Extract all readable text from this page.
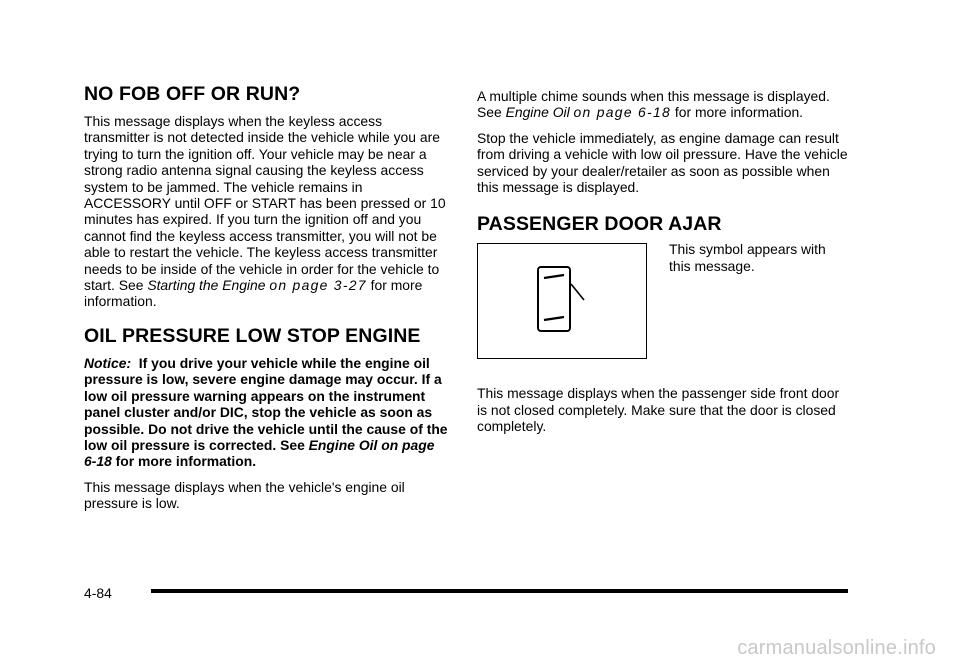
NO FOB OFF OR RUN?

This message displays when the keyless access transmitter is not detected inside the vehicle while you are trying to turn the ignition off. Your vehicle may be near a strong radio antenna signal causing the keyless access system to be jammed. The vehicle remains in ACCESSORY until OFF or START has been pressed or 10 minutes has expired. If you turn the ignition off and you cannot find the keyless access transmitter, you will not be able to restart the vehicle. The keyless access transmitter needs to be inside of the vehicle in order for the vehicle to start. See Starting the Engine on page 3-27 for more information.

OIL PRESSURE LOW STOP ENGINE

Notice: If you drive your vehicle while the engine oil pressure is low, severe engine damage may occur. If a low oil pressure warning appears on the instrument panel cluster and/or DIC, stop the vehicle as soon as possible. Do not drive the vehicle until the cause of the low oil pressure is corrected. See Engine Oil on page 6-18 for more information.

This message displays when the vehicle's engine oil pressure is low.

A multiple chime sounds when this message is displayed. See Engine Oil on page 6-18 for more information.

Stop the vehicle immediately, as engine damage can result from driving a vehicle with low oil pressure. Have the vehicle serviced by your dealer/retailer as soon as possible when this message is displayed.

PASSENGER DOOR AJAR

This symbol appears with this message.

This message displays when the passenger side front door is not closed completely. Make sure that the door is closed completely.

4-84
carmanualsonline.info
